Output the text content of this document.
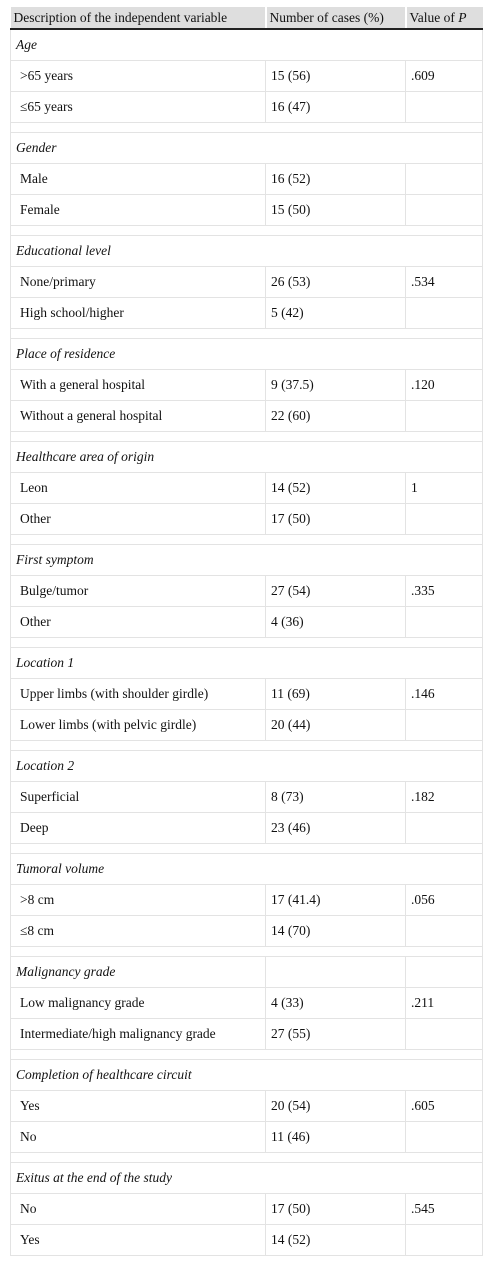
Description of the independent variable	Number of cases (%)	Value of P
Age		
>65 years	15 (56)	.609
≤65 years	16 (47)	

Gender		
Male	16 (52)	
Female	15 (50)	

Educational level		
None/primary	26 (53)	.534
High school/higher	5 (42)	

Place of residence		
With a general hospital	9 (37.5)	.120
Without a general hospital	22 (60)	

Healthcare area of origin		
Leon	14 (52)	1
Other	17 (50)	

First symptom		
Bulge/tumor	27 (54)	.335
Other	4 (36)	

Location 1		
Upper limbs (with shoulder girdle)	11 (69)	.146
Lower limbs (with pelvic girdle)	20 (44)	

Location 2		
Superficial	8 (73)	.182
Deep	23 (46)	

Tumoral volume		
>8 cm	17 (41.4)	.056
≤8 cm	14 (70)	

Malignancy grade		
Low malignancy grade	4 (33)	.211
Intermediate/high malignancy grade	27 (55)	

Completion of healthcare circuit		
Yes	20 (54)	.605
No	11 (46)	

Exitus at the end of the study		
No	17 (50)	.545
Yes	14 (52)	
